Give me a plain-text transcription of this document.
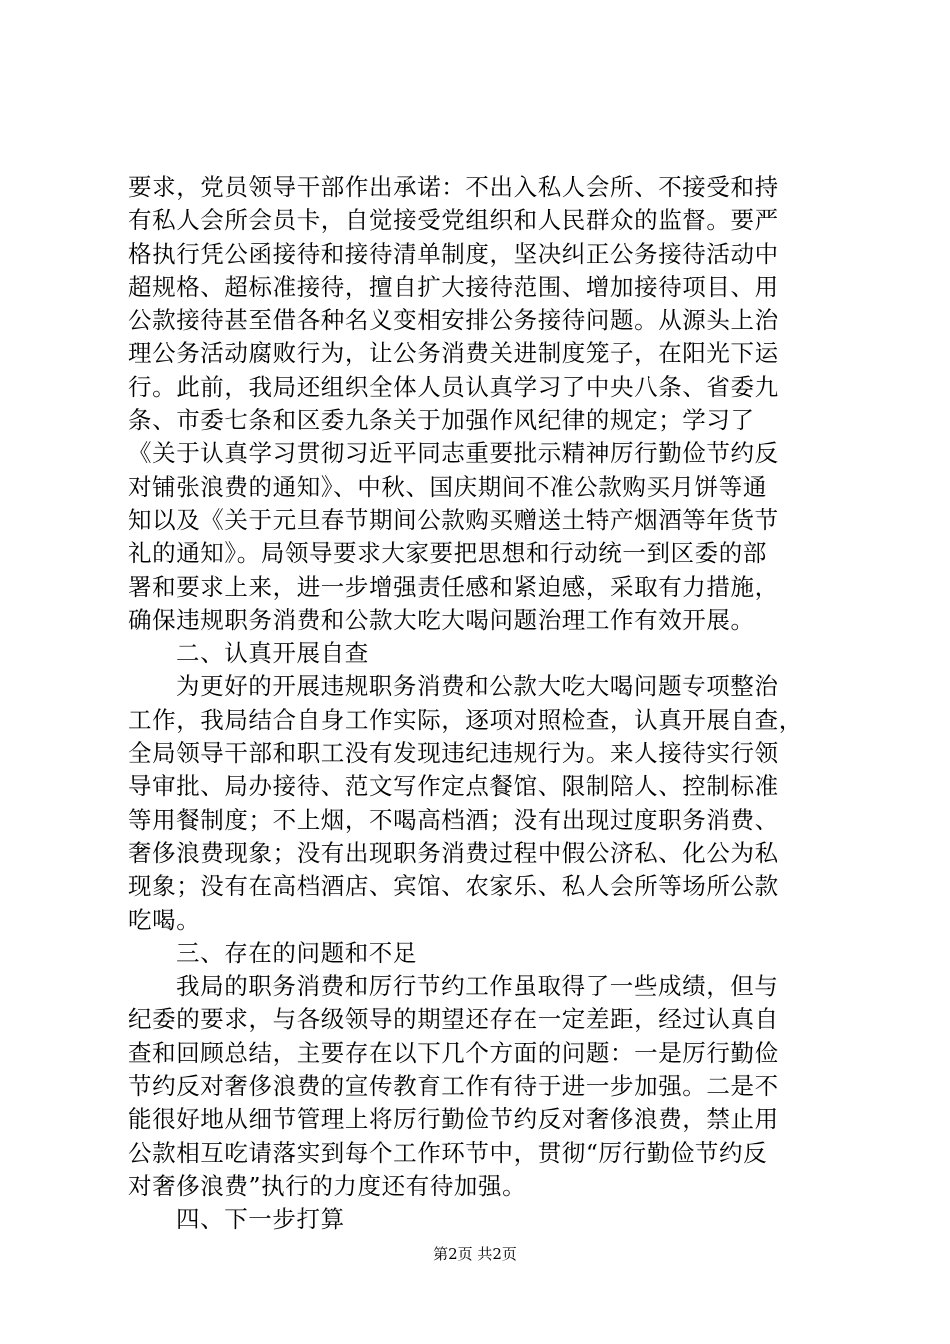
要求，党员领导干部作出承诺：不出入私人会所、不接受和持
有私人会所会员卡，自觉接受党组织和人民群众的监督。要严
格执行凭公函接待和接待清单制度，坚决纠正公务接待活动中
超规格、超标准接待，擅自扩大接待范围、增加接待项目、用
公款接待甚至借各种名义变相安排公务接待问题。从源头上治
理公务活动腐败行为，让公务消费关进制度笼子，在阳光下运
行。此前，我局还组织全体人员认真学习了中央八条、省委九
条、市委七条和区委九条关于加强作风纪律的规定；学习了
《关于认真学习贯彻习近平同志重要批示精神厉行勤俭节约反
对铺张浪费的通知》、中秋、国庆期间不准公款购买月饼等通
知以及《关于元旦春节期间公款购买赠送土特产烟酒等年货节
礼的通知》。局领导要求大家要把思想和行动统一到区委的部
署和要求上来，进一步增强责任感和紧迫感，采取有力措施，
确保违规职务消费和公款大吃大喝问题治理工作有效开展。
二、认真开展自查
为更好的开展违规职务消费和公款大吃大喝问题专项整治
工作，我局结合自身工作实际，逐项对照检查，认真开展自查，
全局领导干部和职工没有发现违纪违规行为。来人接待实行领
导审批、局办接待、范文写作定点餐馆、限制陪人、控制标准
等用餐制度；不上烟，不喝高档酒；没有出现过度职务消费、
奢侈浪费现象；没有出现职务消费过程中假公济私、化公为私
现象；没有在高档酒店、宾馆、农家乐、私人会所等场所公款
吃喝。
三、存在的问题和不足
我局的职务消费和厉行节约工作虽取得了一些成绩，但与
纪委的要求，与各级领导的期望还存在一定差距，经过认真自
查和回顾总结，主要存在以下几个方面的问题：一是厉行勤俭
节约反对奢侈浪费的宣传教育工作有待于进一步加强。二是不
能很好地从细节管理上将厉行勤俭节约反对奢侈浪费，禁止用
公款相互吃请落实到每个工作环节中，贯彻“厉行勤俭节约反
对奢侈浪费”执行的力度还有待加强。
四、下一步打算
第2页 共2页
